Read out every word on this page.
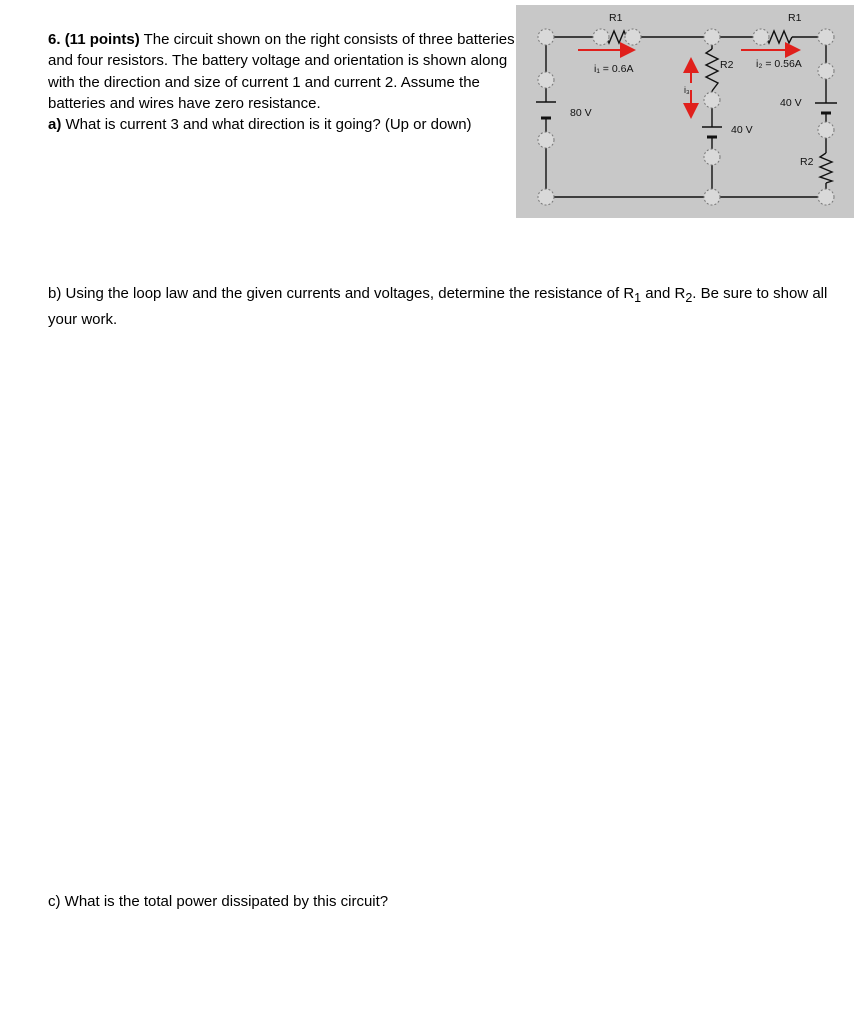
6. (11 points) The circuit shown on the right consists of three batteries and four resistors. The battery voltage and orientation is shown along with the direction and size of current 1 and current 2. Assume the batteries and wires have zero resistance.
a) What is current 3 and what direction is it going? (Up or down)
R1	R1
i₁ = 0.6A	i₂ = 0.56A
i₃
R2
R2
80 V
40 V
40 V
b) Using the loop law and the given currents and voltages, determine the resistance of $R_1$ and $R_2$. Be sure to show all your work.
c) What is the total power dissipated by this circuit?
